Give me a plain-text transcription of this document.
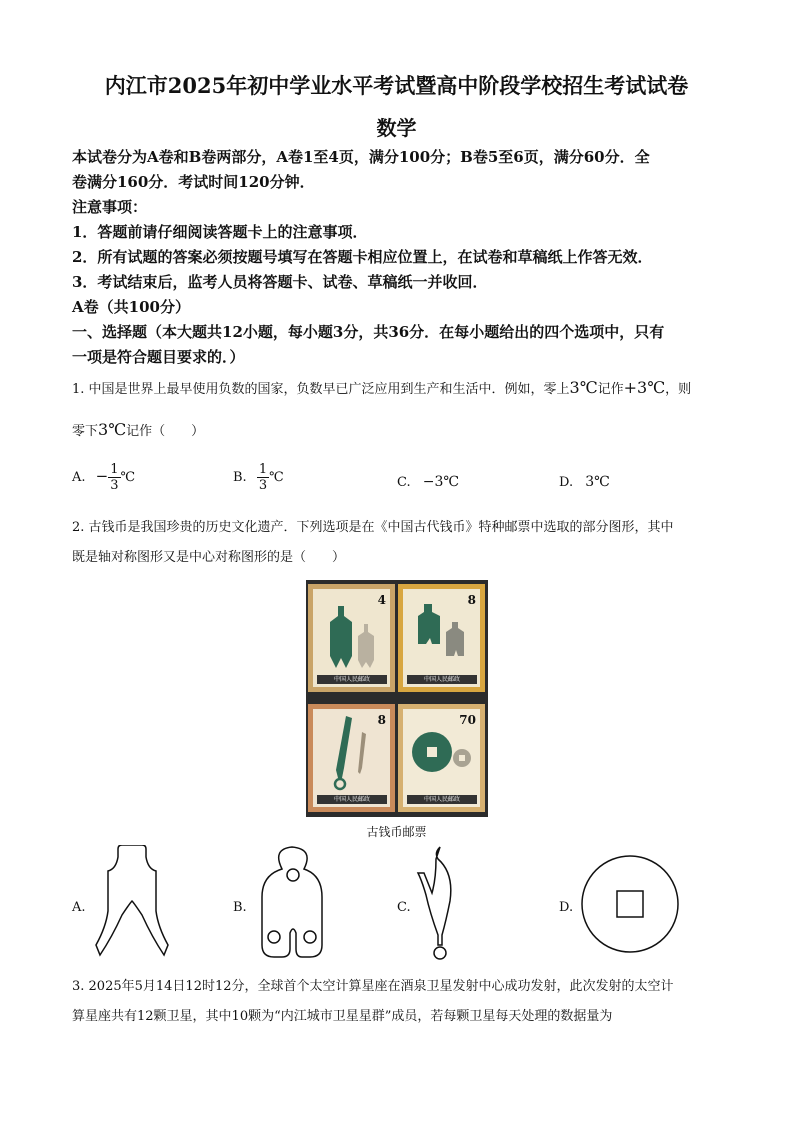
内江市2025年初中学业水平考试暨高中阶段学校招生考试试卷
数学
本试卷分为A卷和B卷两部分，A卷1至4页，满分100分；B卷5至6页，满分60分．全
卷满分160分．考试时间120分钟．
注意事项：
1．答题前请仔细阅读答题卡上的注意事项．
2．所有试题的答案必须按题号填写在答题卡相应位置上，在试卷和草稿纸上作答无效．
3．考试结束后，监考人员将答题卡、试卷、草稿纸一并收回．
A卷（共100分）
一、选择题（本大题共12小题，每小题3分，共36分．在每小题给出的四个选项中，只有
一项是符合题目要求的．）
1. 中国是世界上最早使用负数的国家，负数早已广泛应用到生产和生活中．例如，零上3℃记作+3℃，则
零下3℃记作（　　）
A. − $\frac{1}{3}$ ℃	B. $\frac{1}{3}$ ℃	C. −3℃	D. 3℃
2. 古钱币是我国珍贵的历史文化遗产．下列选项是在《中国古代钱币》特种邮票中选取的部分图形，其中
既是轴对称图形又是中心对称图形的是（　　）
4
中国人民邮政
8
中国人民邮政
8
中国人民邮政
70
中国人民邮政
古钱币邮票
A.	B.	C.	D.
3. 2025年5月14日12时12分，全球首个太空计算星座在酒泉卫星发射中心成功发射，此次发射的太空计
算星座共有12颗卫星，其中10颗为“内江城市卫星星群”成员，若每颗卫星每天处理的数据量为
